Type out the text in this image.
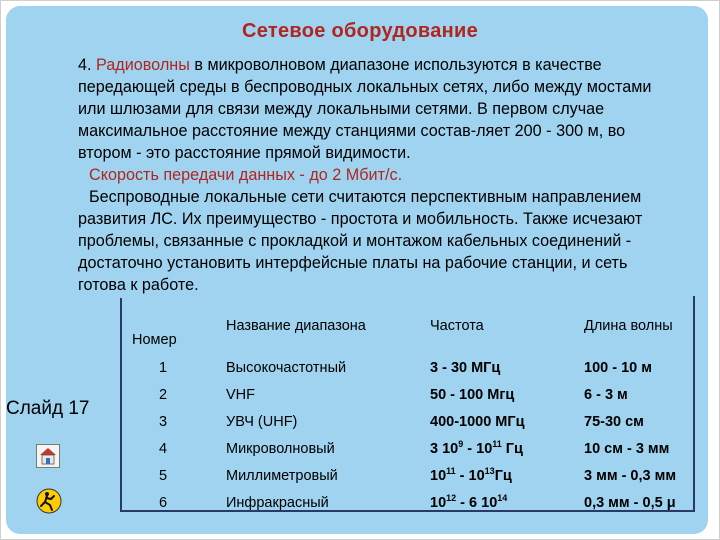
Сетевое оборудование

4. Радиоволны в микроволновом диапазоне используются в качестве передающей среды в беспроводных локальных сетях, либо между мостами или шлюзами для связи между локальными сетями. В первом случае максимальное расстояние между станциями состав-ляет 200 - 300 м, во втором - это расстояние прямой видимости.

Скорость передачи данных - до 2 Мбит/с.

Беспроводные локальные сети считаются перспективным направлением развития ЛС. Их преимущество - простота и мобильность. Также исчезают проблемы, связанные с прокладкой и монтажом кабельных соединений - достаточно установить интерфейсные платы на рабочие станции, и сеть готова к работе.

Слайд 17
Номер	Название диапазона	Частота	Длина волны
1	Высокочастотный	3 - 30 МГц	100 - 10 м
2	VHF	50 - 100 Мгц	6 - 3 м
3	УВЧ (UHF)	400-1000 МГц	75-30 см
4	Микроволновый	3 $10^9 - 10^{11}$ Гц	10 см - 3 мм
5	Миллиметровый	$10^{11} - 10^{13}Гц$	3 мм - 0,3 мм
6	Инфракрасный	$10^{12} - 6$ $10^{14}$	0,3 мм - 0,5 μ
